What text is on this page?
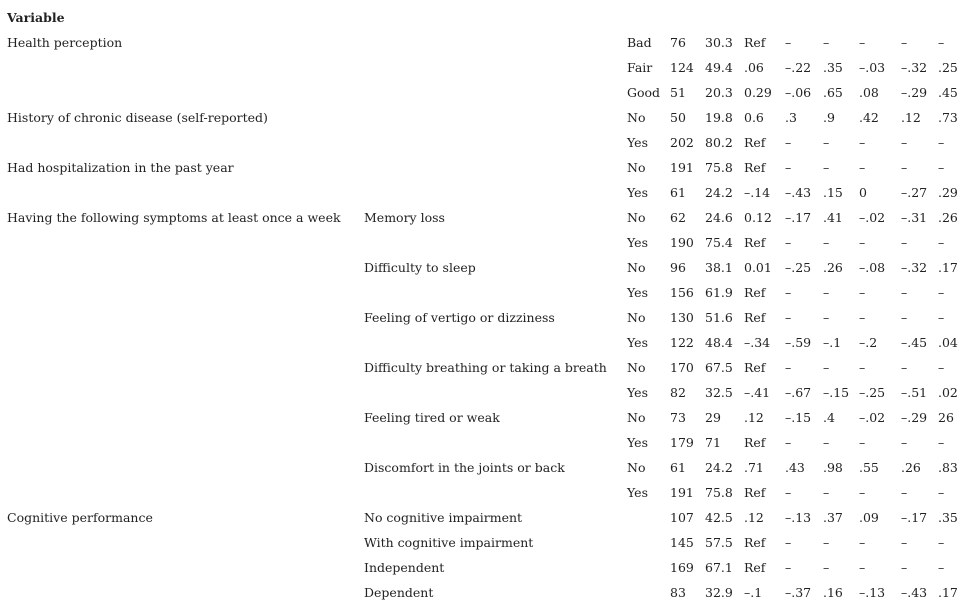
Variable										
Health perception		Bad	76	30.3	Ref	–	–	–	–	–
		Fair	124	49.4	.06	–.22	.35	–.03	–.32	.25
		Good	51	20.3	0.29	–.06	.65	.08	–.29	.45
History of chronic disease (self-reported)		No	50	19.8	0.6	.3	.9	.42	.12	.73
		Yes	202	80.2	Ref	–	–	–	–	–
Had hospitalization in the past year		No	191	75.8	Ref	–	–	–	–	–
		Yes	61	24.2	–.14	–.43	.15	0	–.27	.29
Having the following symptoms at least once a week	Memory loss	No	62	24.6	0.12	–.17	.41	–.02	–.31	.26
		Yes	190	75.4	Ref	–	–	–	–	–
	Difficulty to sleep	No	96	38.1	0.01	–.25	.26	–.08	–.32	.17
		Yes	156	61.9	Ref	–	–	–	–	–
	Feeling of vertigo or dizziness	No	130	51.6	Ref	–	–	–	–	–
		Yes	122	48.4	–.34	–.59	–.1	–.2	–.45	.04
	Difficulty breathing or taking a breath	No	170	67.5	Ref	–	–	–	–	–
		Yes	82	32.5	–.41	–.67	–.15	–.25	–.51	.02
	Feeling tired or weak	No	73	29	.12	–.15	.4	–.02	–.29	26
		Yes	179	71	Ref	–	–	–	–	–
	Discomfort in the joints or back	No	61	24.2	.71	.43	.98	.55	.26	.83
		Yes	191	75.8	Ref	–	–	–	–	–
Cognitive performance	No cognitive impairment		107	42.5	.12	–.13	.37	.09	–.17	.35
	With cognitive impairment		145	57.5	Ref	–	–	–	–	–
	Independent		169	67.1	Ref	–	–	–	–	–
	Dependent		83	32.9	–.1	–.37	.16	–.13	–.43	.17
